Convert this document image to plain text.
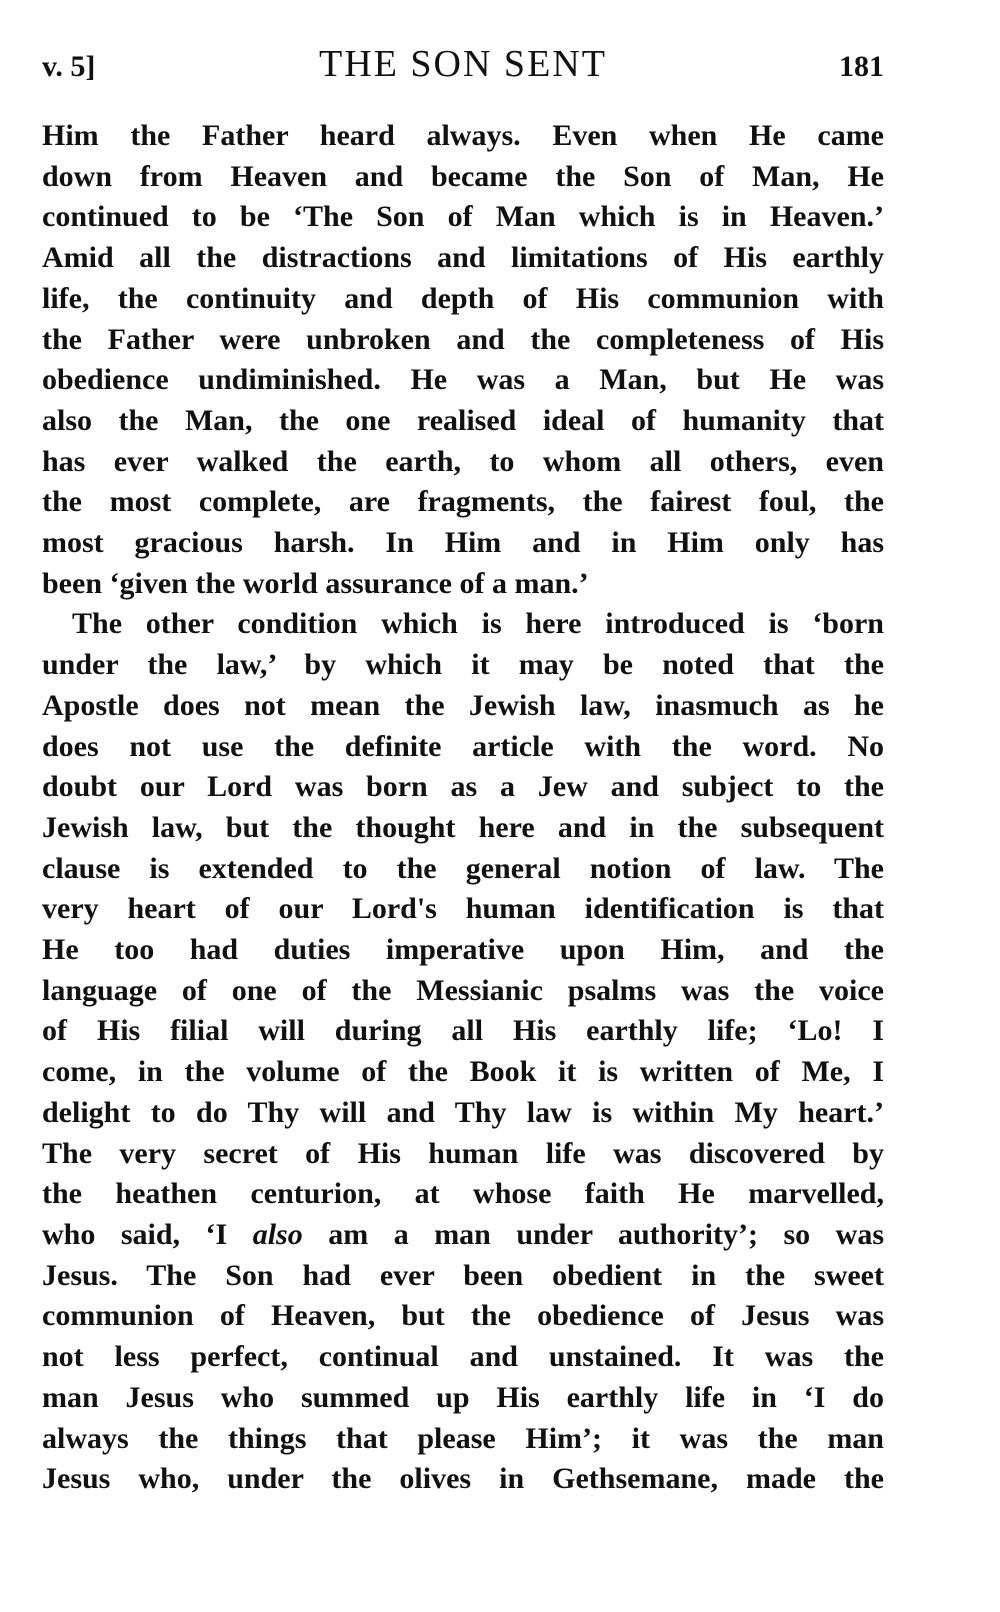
v. 5]	THE SON SENT	181
Him the Father heard always. Even when He came
down from Heaven and became the Son of Man, He
continued to be ‘The Son of Man which is in Heaven.’
Amid all the distractions and limitations of His earthly
life, the continuity and depth of His communion with
the Father were unbroken and the completeness of His
obedience undiminished. He was a Man, but He was
also the Man, the one realised ideal of humanity that
has ever walked the earth, to whom all others, even
the most complete, are fragments, the fairest foul, the
most gracious harsh. In Him and in Him only has
been ‘given the world assurance of a man.’
The other condition which is here introduced is ‘born
under the law,’ by which it may be noted that the
Apostle does not mean the Jewish law, inasmuch as he
does not use the definite article with the word. No
doubt our Lord was born as a Jew and subject to the
Jewish law, but the thought here and in the subsequent
clause is extended to the general notion of law. The
very heart of our Lord's human identification is that
He too had duties imperative upon Him, and the
language of one of the Messianic psalms was the voice
of His filial will during all His earthly life; ‘Lo! I
come, in the volume of the Book it is written of Me, I
delight to do Thy will and Thy law is within My heart.’
The very secret of His human life was discovered by
the heathen centurion, at whose faith He marvelled,
who said, ‘I also am a man under authority’; so was
Jesus. The Son had ever been obedient in the sweet
communion of Heaven, but the obedience of Jesus was
not less perfect, continual and unstained. It was the
man Jesus who summed up His earthly life in ‘I do
always the things that please Him’; it was the man
Jesus who, under the olives in Gethsemane, made the
